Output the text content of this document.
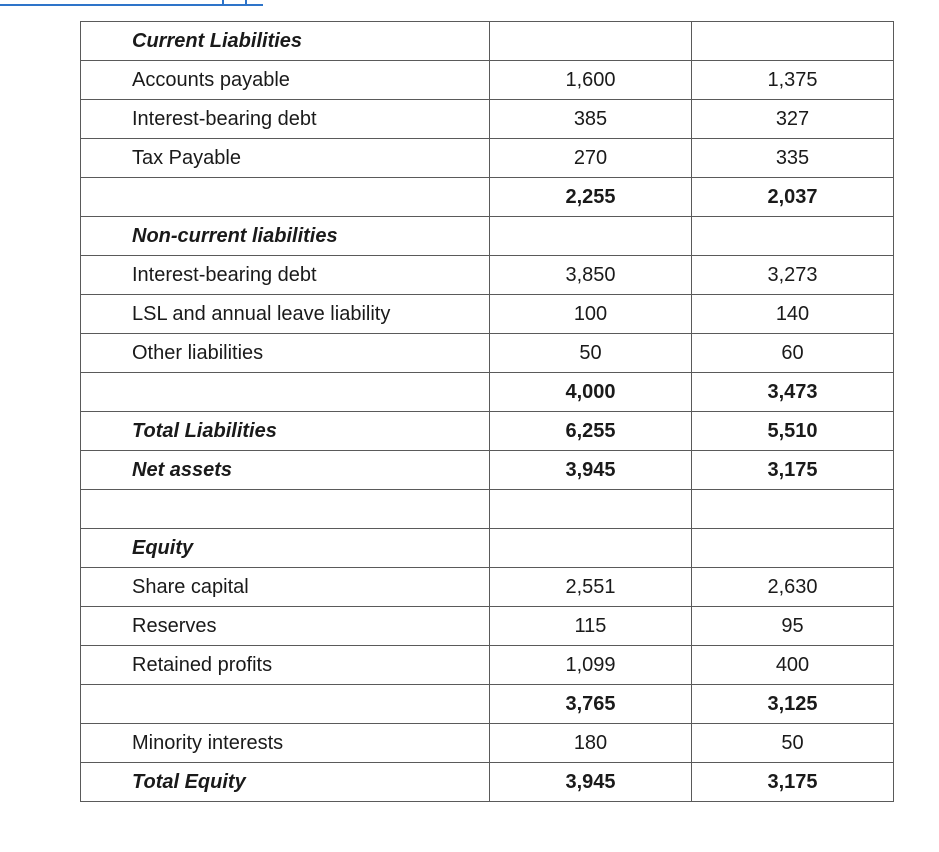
Current Liabilities		
Accounts payable	1,600	1,375
Interest-bearing debt	385	327
Tax Payable	270	335
	2,255	2,037
Non-current liabilities		
Interest-bearing debt	3,850	3,273
LSL and annual leave liability	100	140
Other liabilities	50	60
	4,000	3,473
Total Liabilities	6,255	5,510
Net assets	3,945	3,175

Equity		
Share capital	2,551	2,630
Reserves	115	95
Retained profits	1,099	400
	3,765	3,125
Minority interests	180	50
Total Equity	3,945	3,175
